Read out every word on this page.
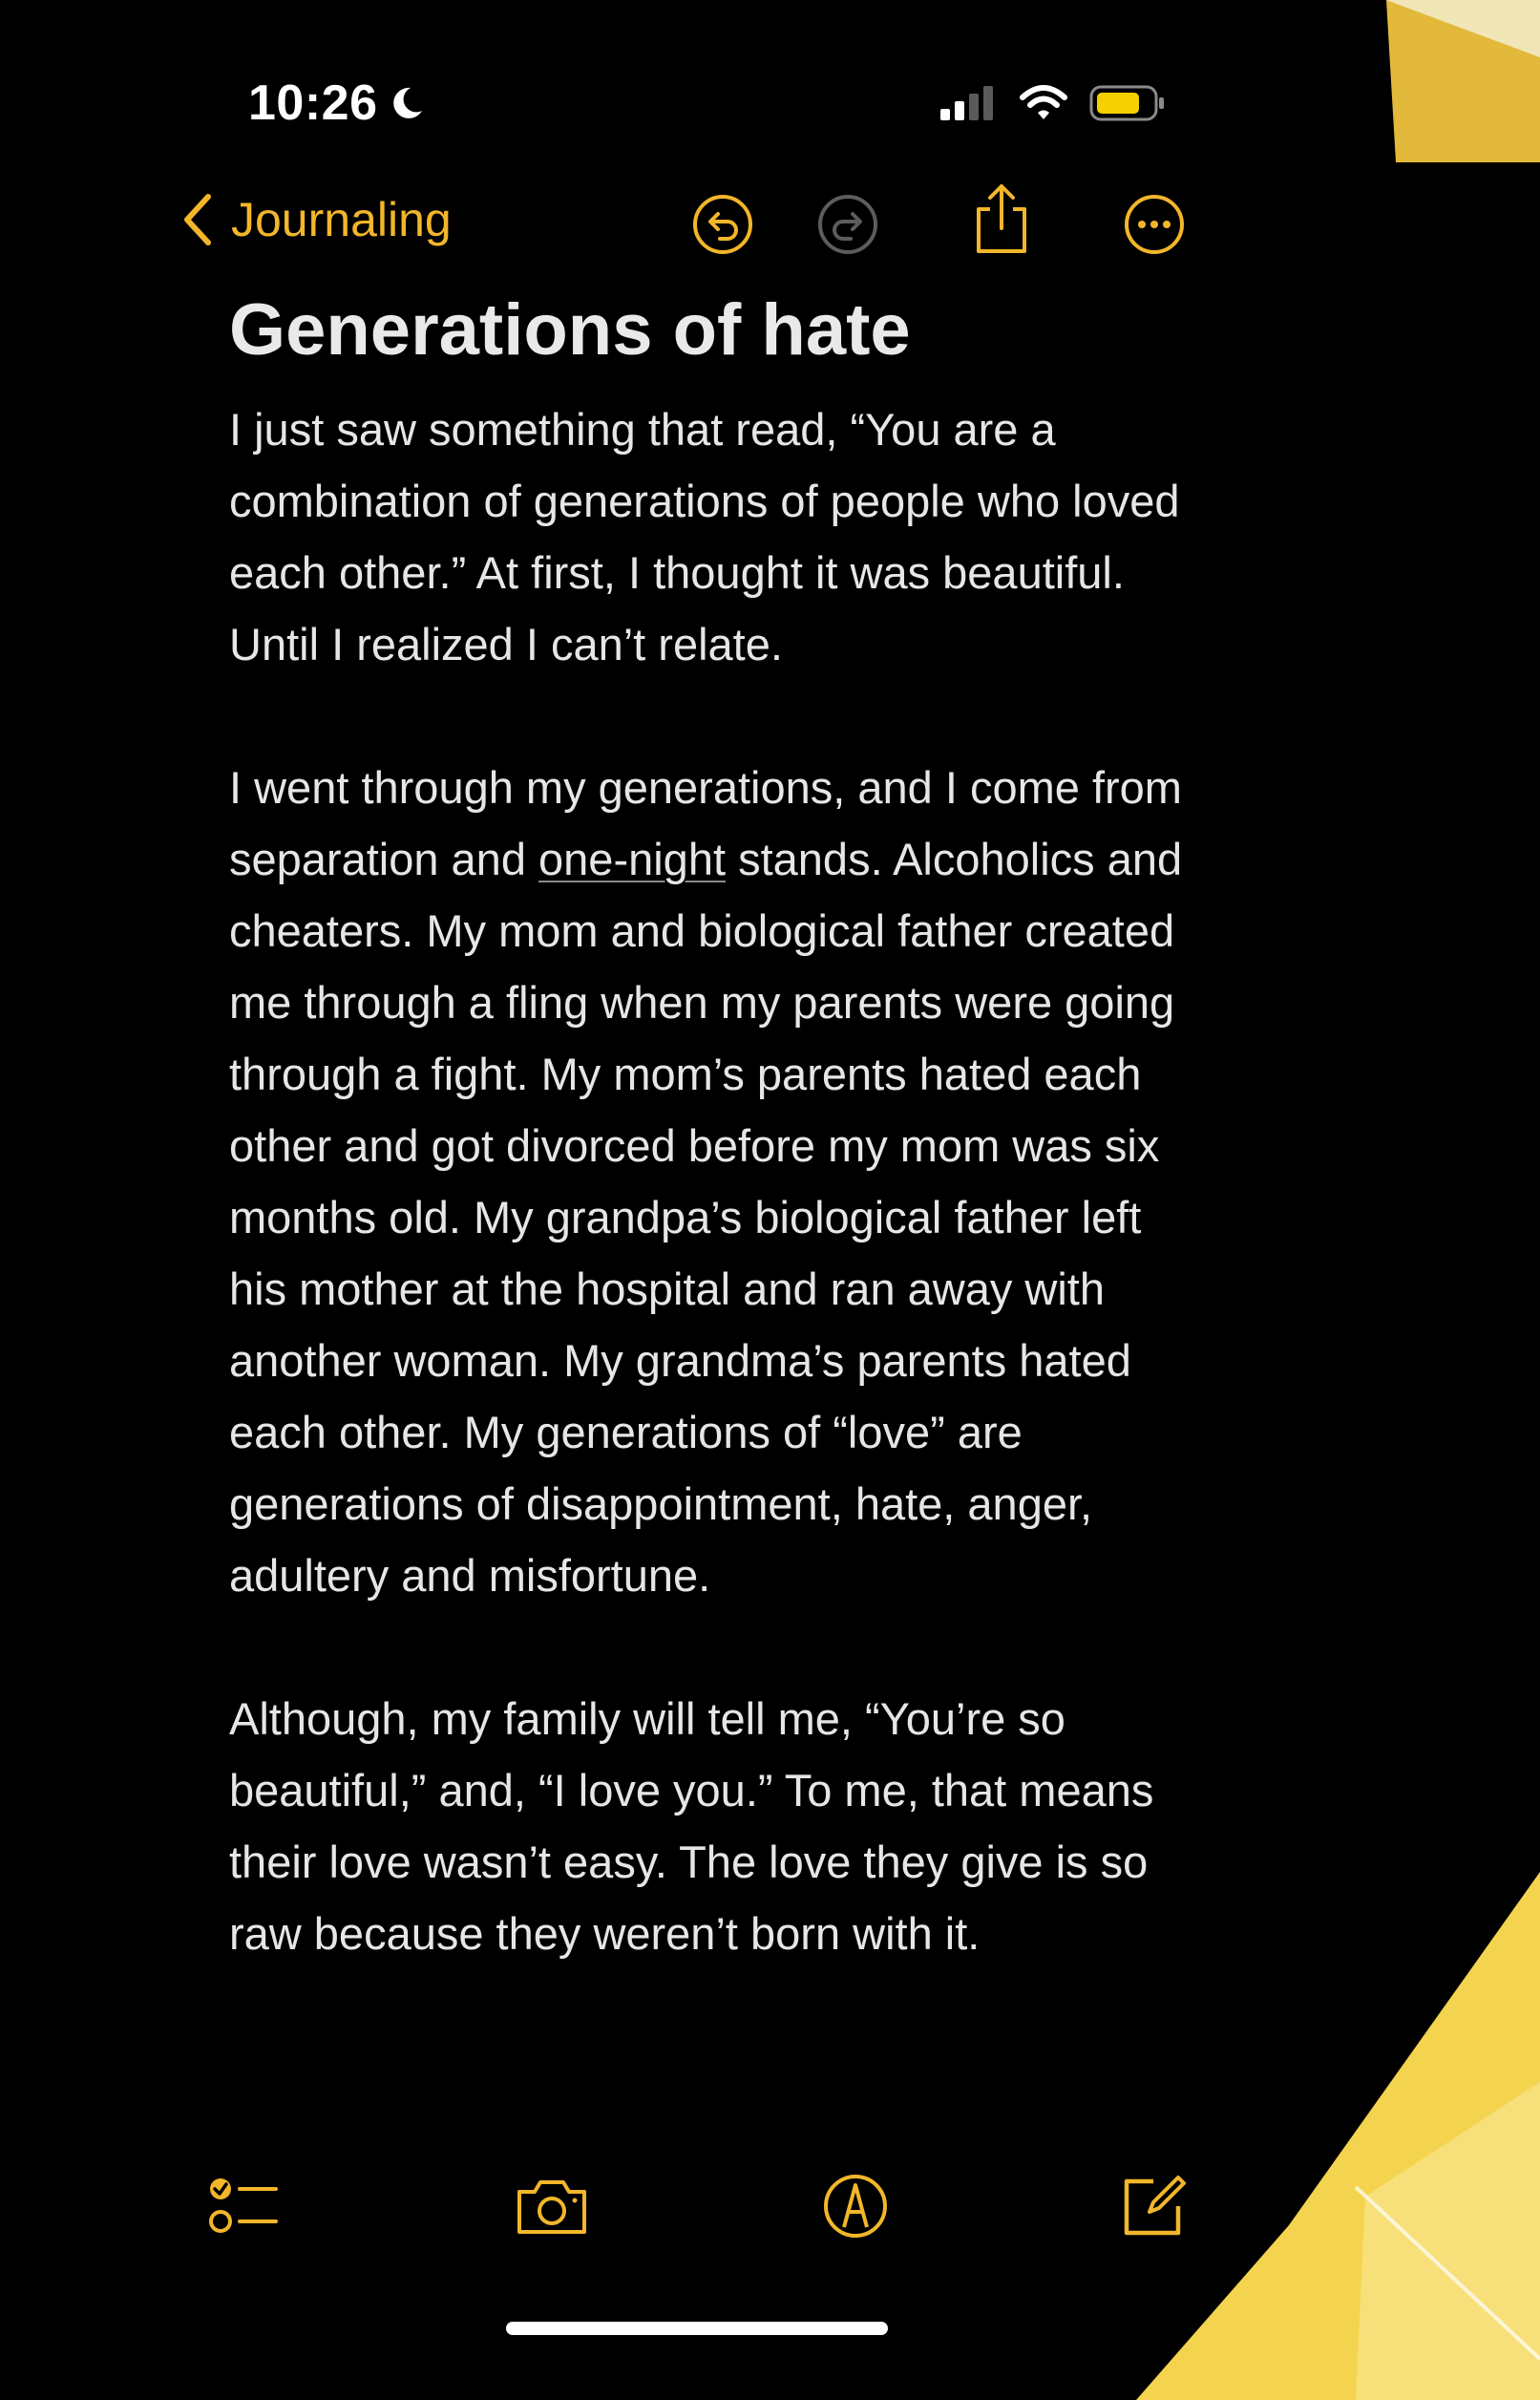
10:26
Journaling
Generations of hate

I just saw something that read, “You are a combination of generations of people who loved each other.” At first, I thought it was beautiful. Until I realized I can’t relate.

I went through my generations, and I come from separation and one-night stands. Alcoholics and cheaters. My mom and biological father created me through a fling when my parents were going through a fight. My mom’s parents hated each other and got divorced before my mom was six months old. My grandpa’s biological father left his mother at the hospital and ran away with another woman. My grandma’s parents hated each other. My generations of “love” are generations of disappointment, hate, anger, adultery and misfortune.

Although, my family will tell me, “You’re so beautiful,” and, “I love you.” To me, that means their love wasn’t easy. The love they give is so raw because they weren’t born with it.
